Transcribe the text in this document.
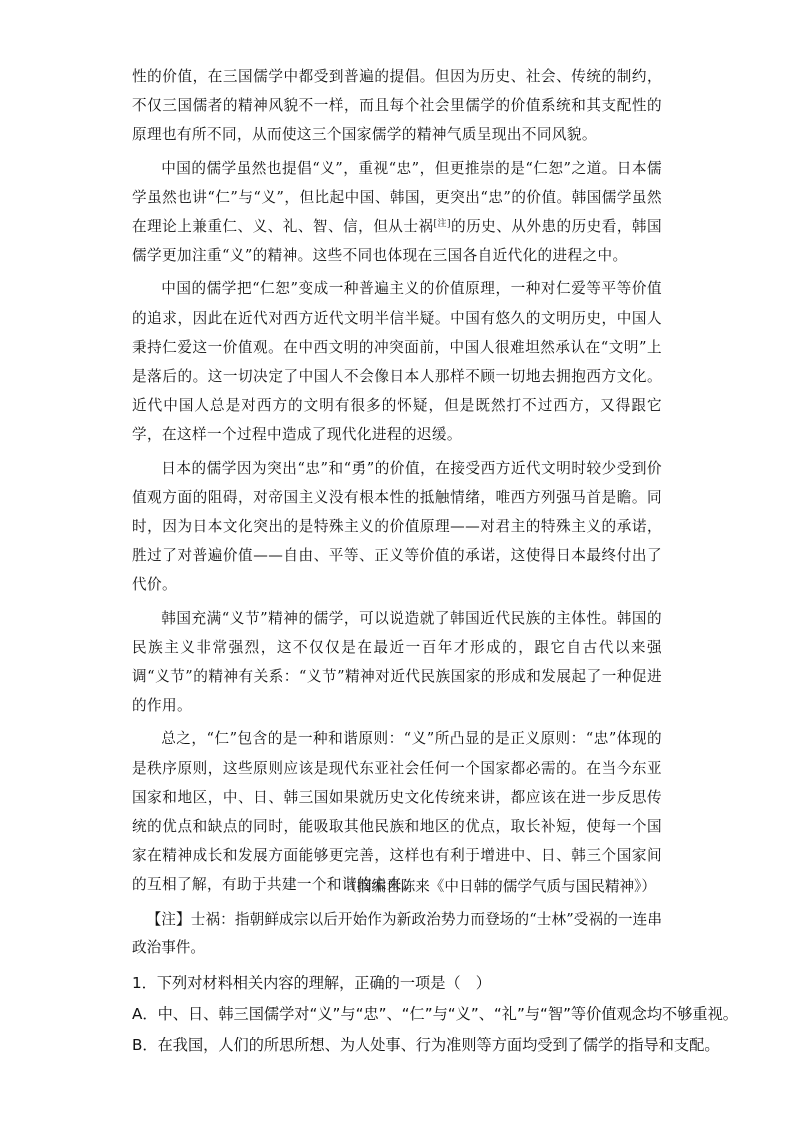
性的价值，在三国儒学中都受到普遍的提倡。但因为历史、社会、传统的制约，不仅三国儒者的精神风貌不一样，而且每个社会里儒学的价值系统和其支配性的原理也有所不同，从而使这三个国家儒学的精神气质呈现出不同风貌。

中国的儒学虽然也提倡“义”，重视“忠”，但更推崇的是“仁恕”之道。日本儒学虽然也讲“仁”与“义”，但比起中国、韩国，更突出“忠”的价值。韩国儒学虽然在理论上兼重仁、义、礼、智、信，但从士祸[注]的历史、从外患的历史看，韩国儒学更加注重“义”的精神。这些不同也体现在三国各自近代化的进程之中。

中国的儒学把“仁恕”变成一种普遍主义的价值原理，一种对仁爱等平等价值的追求，因此在近代对西方近代文明半信半疑。中国有悠久的文明历史，中国人秉持仁爱这一价值观。在中西文明的冲突面前，中国人很难坦然承认在“文明”上是落后的。这一切决定了中国人不会像日本人那样不顾一切地去拥抱西方文化。近代中国人总是对西方的文明有很多的怀疑，但是既然打不过西方，又得跟它学，在这样一个过程中造成了现代化进程的迟缓。

日本的儒学因为突出“忠”和“勇”的价值，在接受西方近代文明时较少受到价值观方面的阻碍，对帝国主义没有根本性的抵触情绪，唯西方列强马首是瞻。同时，因为日本文化突出的是特殊主义的价值原理——对君主的特殊主义的承诺，胜过了对普遍价值——自由、平等、正义等价值的承诺，这使得日本最终付出了代价。

韩国充满“义节”精神的儒学，可以说造就了韩国近代民族的主体性。韩国的民族主义非常强烈，这不仅仅是在最近一百年才形成的，跟它自古代以来强调“义节”的精神有关系：“义节”精神对近代民族国家的形成和发展起了一种促进的作用。

总之，“仁”包含的是一种和谐原则：“义”所凸显的是正义原则：“忠”体现的是秩序原则，这些原则应该是现代东亚社会任何一个国家都必需的。在当今东亚国家和地区，中、日、韩三国如果就历史文化传统来讲，都应该在进一步反思传统的优点和缺点的同时，能吸取其他民族和地区的优点，取长补短，使每一个国家在精神成长和发展方面能够更完善，这样也有利于增进中、日、韩三个国家间的互相了解，有助于共建一个和谐的未来。

（摘编自陈来《中日韩的儒学气质与国民精神》）
【注】士祸：指朝鲜成宗以后开始作为新政治势力而登场的“士林”受祸的一连串政治事件。
1．下列对材料相关内容的理解，正确的一项是（　）
A．中、日、韩三国儒学对“义”与“忠”、“仁”与“义”、“礼”与“智”等价值观念均不够重视。
B．在我国，人们的所思所想、为人处事、行为准则等方面均受到了儒学的指导和支配。
